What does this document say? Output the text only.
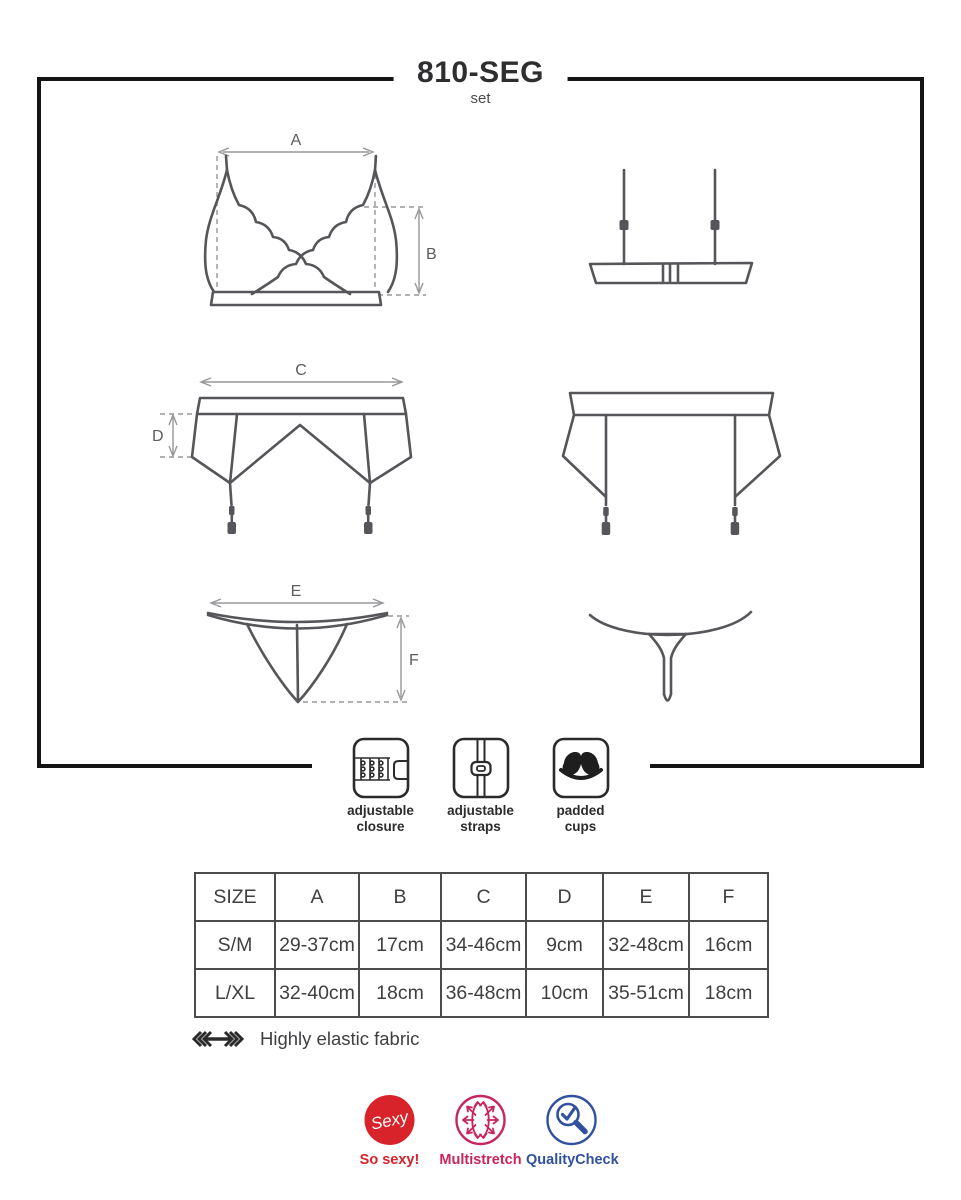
810-SEG
set
A
B
C
D
E
F
adjustable
closure
adjustable
straps
padded
cups
SIZE	A	B	C	D	E	F
S/M	29-37cm	17cm	34-46cm	9cm	32-48cm	16cm
L/XL	32-40cm	18cm	36-48cm	10cm	35-51cm	18cm
Highly elastic fabric
Sexy
So sexy!	Multistretch QualityCheck
